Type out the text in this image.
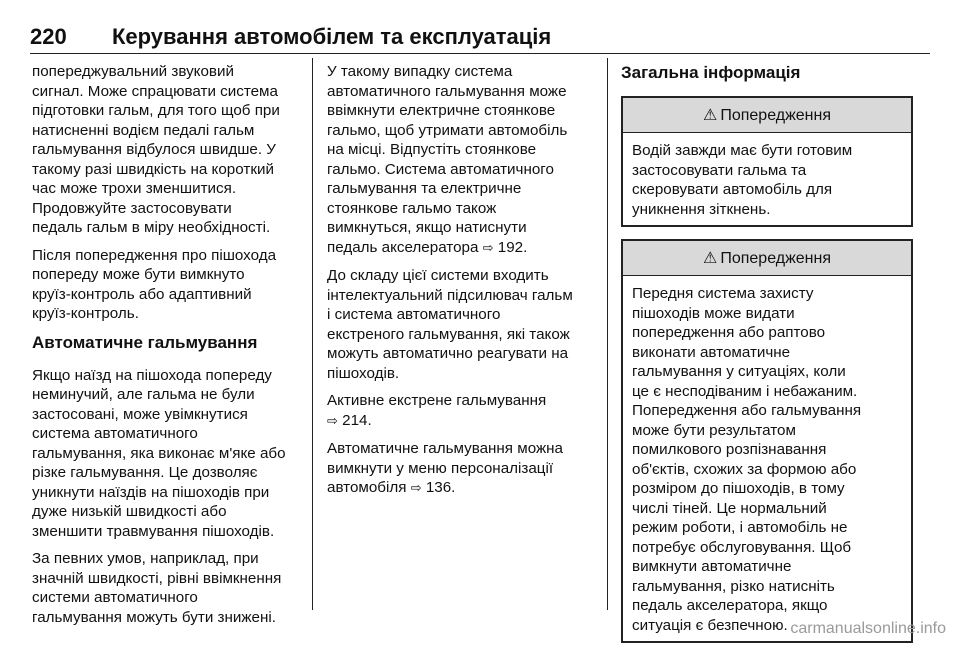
220 Керування автомобілем та експлуатація

попереджувальний звуковий
сигнал. Може спрацювати система
підготовки гальм, для того щоб при
натисненні водієм педалі гальм
гальмування відбулося швидше. У
такому разі швидкість на короткий
час може трохи зменшитися.
Продовжуйте застосовувати
педаль гальм в міру необхідності.

Після попередження про пішохода
попереду може бути вимкнуто
круїз-контроль або адаптивний
круїз-контроль.

Автоматичне гальмування

Якщо наїзд на пішохода попереду
неминучий, але гальма не були
застосовані, може увімкнутися
система автоматичного
гальмування, яка виконає м'яке або
різке гальмування. Це дозволяє
уникнути наїздів на пішоходів при
дуже низькій швидкості або
зменшити травмування пішоходів.

За певних умов, наприклад, при
значній швидкості, рівні ввімкнення
системи автоматичного
гальмування можуть бути знижені.

У такому випадку система
автоматичного гальмування може
ввімкнути електричне стоянкове
гальмо, щоб утримати автомобіль
на місці. Відпустіть стоянкове
гальмо. Система автоматичного
гальмування та електричне
стоянкове гальмо також
вимкнуться, якщо натиснути
педаль акселератора ⇨ 192.

До складу цієї системи входить
інтелектуальний підсилювач гальм
і система автоматичного
екстреного гальмування, які також
можуть автоматично реагувати на
пішоходів.

Активне екстрене гальмування
⇨ 214.

Автоматичне гальмування можна
вимкнути у меню персоналізації
автомобіля ⇨ 136.

Загальна інформація
⚠ Попередження

Водій завжди має бути готовим
застосовувати гальма та
скеровувати автомобіль для
уникнення зіткнень.

⚠ Попередження

Передня система захисту
пішоходів може видати
попередження або раптово
виконати автоматичне
гальмування у ситуаціях, коли
це є несподіваним і небажаним.
Попередження або гальмування
може бути результатом
помилкового розпізнавання
об'єктів, схожих за формою або
розміром до пішоходів, в тому
числі тіней. Це нормальний
режим роботи, і автомобіль не
потребує обслуговування. Щоб
вимкнути автоматичне
гальмування, різко натисніть
педаль акселератора, якщо
ситуація є безпечною. carmanualsonline.info
